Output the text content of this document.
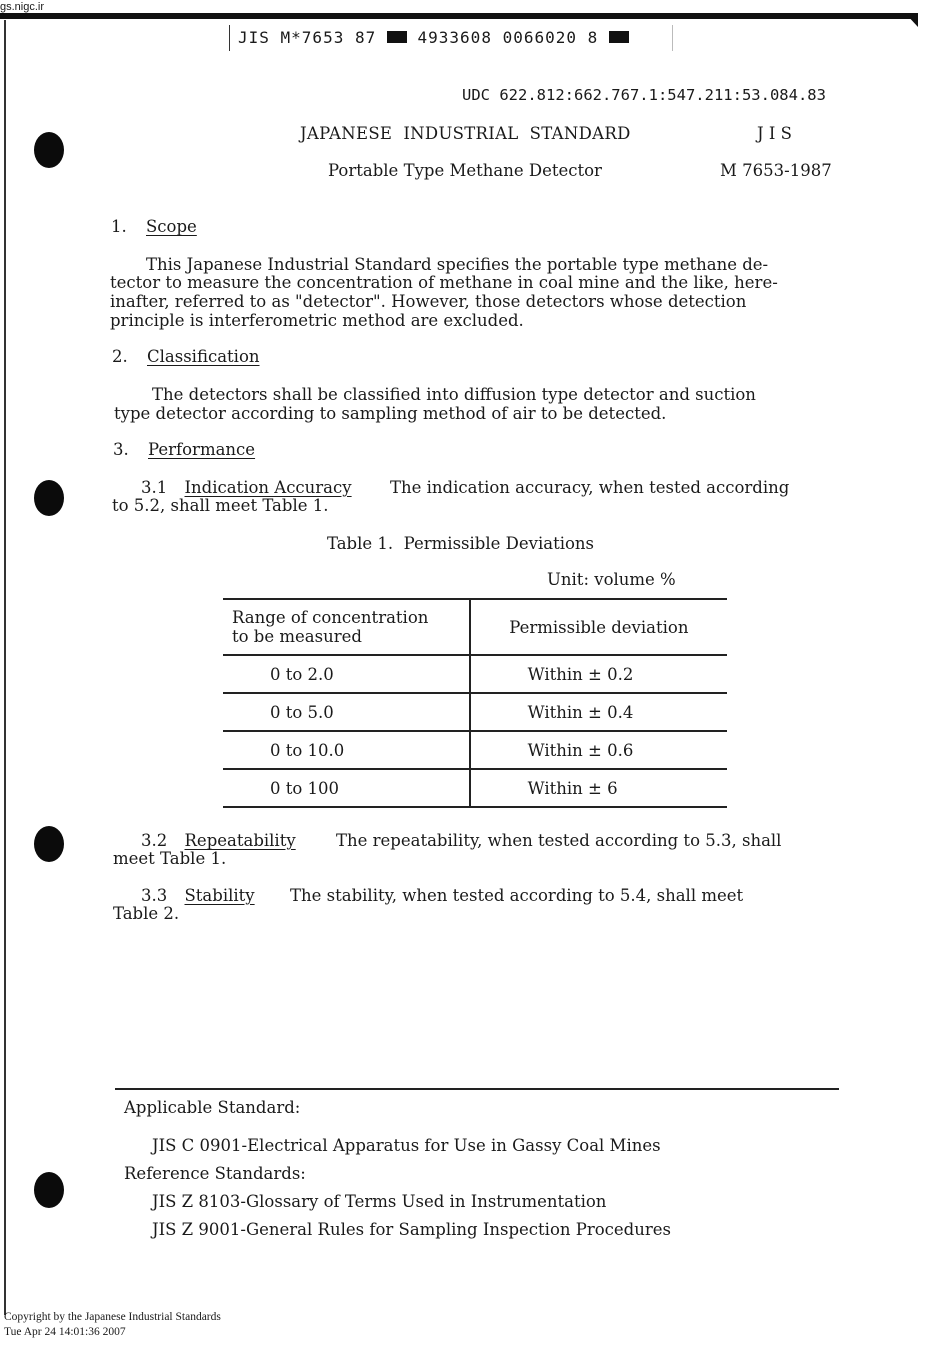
gs.nigc.ir
JIS M*7653 87	4933608 0066020 8
UDC 622.812:662.767.1:547.211:53.084.83
JAPANESE  INDUSTRIAL  STANDARD	J I S
Portable Type Methane Detector	M 7653-1987
1. Scope
This Japanese Industrial Standard specifies the portable type methane de-
tector to measure the concentration of methane in coal mine and the like, here-
inafter, referred to as "detector". However, those detectors whose detection
principle is interferometric method are excluded.
2. Classification
The detectors shall be classified into diffusion type detector and suction
type detector according to sampling method of air to be detected.
3. Performance
3.1 Indication Accuracy The indication accuracy, when tested according
to 5.2, shall meet Table 1.
Table 1.  Permissible Deviations
Unit: volume %
Range of concentration
to be measured	Permissible deviation
0 to 2.0	Within ± 0.2
0 to 5.0	Within ± 0.4
0 to 10.0	Within ± 0.6
0 to 100	Within ± 6
3.2 Repeatability The repeatability, when tested according to 5.3, shall
meet Table 1.
3.3 Stability The stability, when tested according to 5.4, shall meet
Table 2.
Applicable Standard:
JIS C 0901-Electrical Apparatus for Use in Gassy Coal Mines
Reference Standards:
JIS Z 8103-Glossary of Terms Used in Instrumentation
JIS Z 9001-General Rules for Sampling Inspection Procedures
Copyright by the Japanese Industrial Standards
Tue Apr 24 14:01:36 2007
